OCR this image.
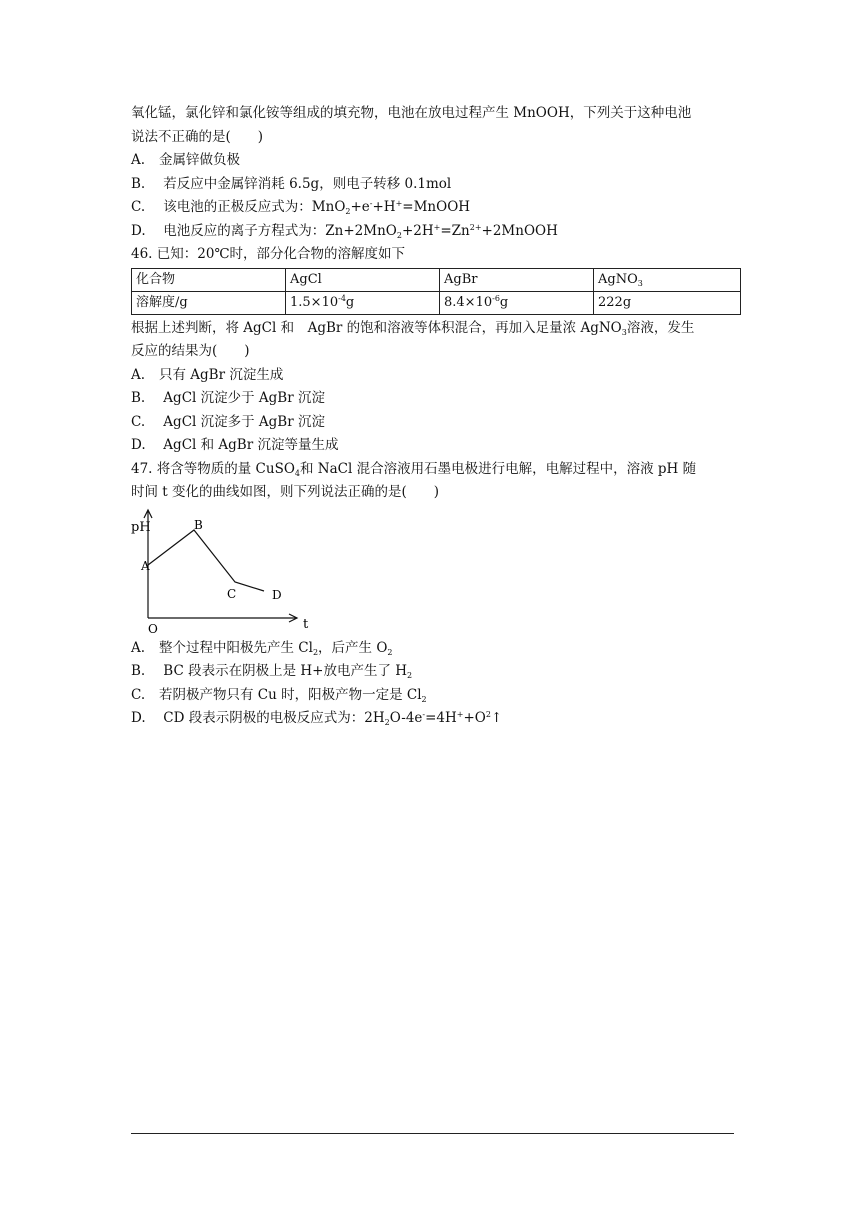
氧化锰，氯化锌和氯化铵等组成的填充物，电池在放电过程产生 MnOOH，下列关于这种电池
说法不正确的是(　　)
A. 金属锌做负极
B. 若反应中金属锌消耗 6.5g，则电子转移 0.1mol
C. 该电池的正极反应式为：MnO$_2$+e-+H+=MnOOH
D. 电池反应的离子方程式为：$Zn+2MnO_2+2H^+=Zn^{2+}+2MnOOH$
46. 已知：20℃时，部分化合物的溶解度如下
化合物	AgCl	AgBr	AgNO$_3$
溶解度/g	$1.5\times 10^{-4}g$	$8.4\times 10^{-6}g$	222g
根据上述判断，将 AgCl 和　AgBr 的饱和溶液等体积混合，再加入足量浓 AgNO$_3$溶液，发生
反应的结果为(　　)
A. 只有 AgBr 沉淀生成
B. AgCl 沉淀少于 AgBr 沉淀
C. AgCl 沉淀多于 AgBr 沉淀
D. AgCl 和 AgBr 沉淀等量生成
47. 将含等物质的量 CuSO$_4$和 NaCl 混合溶液用石墨电极进行电解，电解过程中，溶液 pH 随
时间 t 变化的曲线如图，则下列说法正确的是(　　)
pH
t
O
A
B
C	D
A. 整个过程中阳极先产生 $Cl_2$，后产生 $O_2$
B. BC 段表示在阴极上是 H+放电产生了 $H_2$
C. 若阴极产物只有 Cu 时，阳极产物一定是 $Cl_2$
D. CD 段表示阴极的电极反应式为：$2H_2O-4e^-=4H^++O^2↑$
